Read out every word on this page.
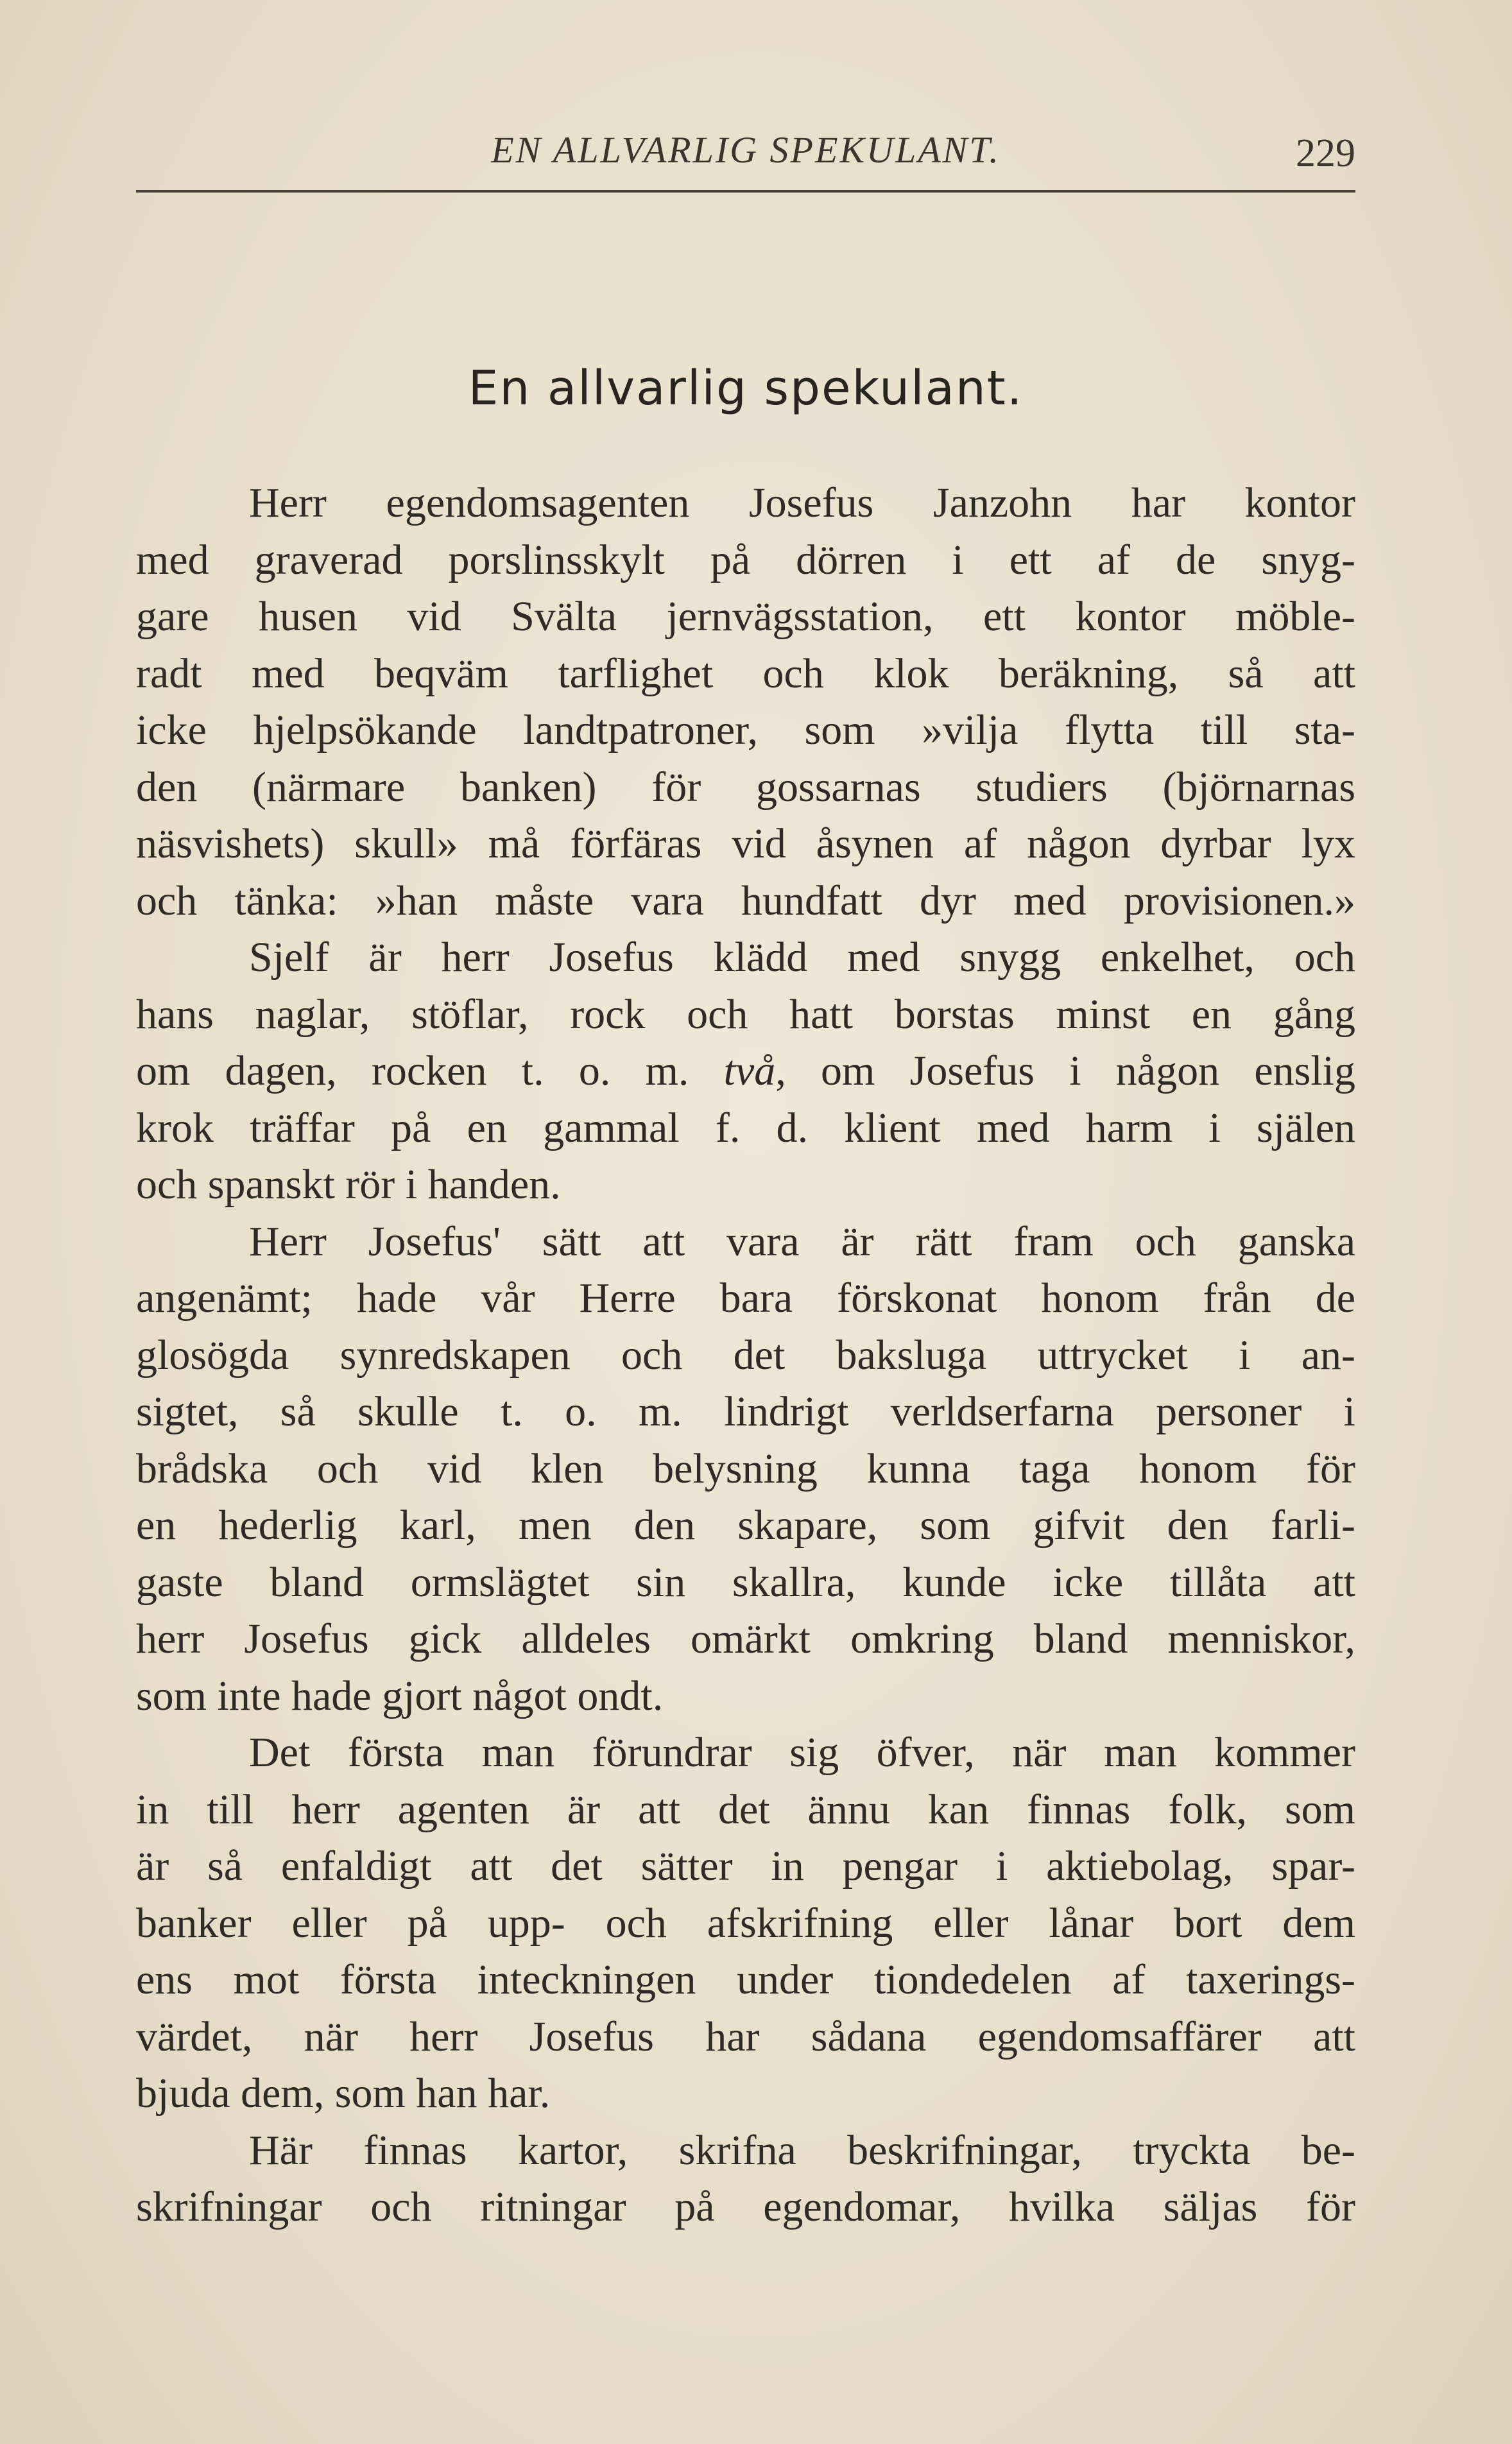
EN ALLVARLIG SPEKULANT.	229
En allvarlig spekulant.
Herr egendomsagenten Josefus Janzohn har kontor
med graverad porslinsskylt på dörren i ett af de snyg-
gare husen vid Svälta jernvägsstation, ett kontor möble-
radt med beqväm tarflighet och klok beräkning, så att
icke hjelpsökande landtpatroner, som »vilja flytta till sta-
den (närmare banken) för gossarnas studiers (björnarnas
näsvishets) skull» må förfäras vid åsynen af någon dyrbar lyx
och tänka: »han måste vara hundfatt dyr med provisionen.»
Sjelf är herr Josefus klädd med snygg enkelhet, och
hans naglar, stöflar, rock och hatt borstas minst en gång
om dagen, rocken t. o. m. två, om Josefus i någon enslig
krok träffar på en gammal f. d. klient med harm i själen
och spanskt rör i handen.
Herr Josefus' sätt att vara är rätt fram och ganska
angenämt; hade vår Herre bara förskonat honom från de
glosögda synredskapen och det baksluga uttrycket i an-
sigtet, så skulle t. o. m. lindrigt verldserfarna personer i
brådska och vid klen belysning kunna taga honom för
en hederlig karl, men den skapare, som gifvit den farli-
gaste bland ormslägtet sin skallra, kunde icke tillåta att
herr Josefus gick alldeles omärkt omkring bland menniskor,
som inte hade gjort något ondt.
Det första man förundrar sig öfver, när man kommer
in till herr agenten är att det ännu kan finnas folk, som
är så enfaldigt att det sätter in pengar i aktiebolag, spar-
banker eller på upp- och afskrifning eller lånar bort dem
ens mot första inteckningen under tiondedelen af taxerings-
värdet, när herr Josefus har sådana egendomsaffärer att
bjuda dem, som han har.
Här finnas kartor, skrifna beskrifningar, tryckta be-
skrifningar och ritningar på egendomar, hvilka säljas för
